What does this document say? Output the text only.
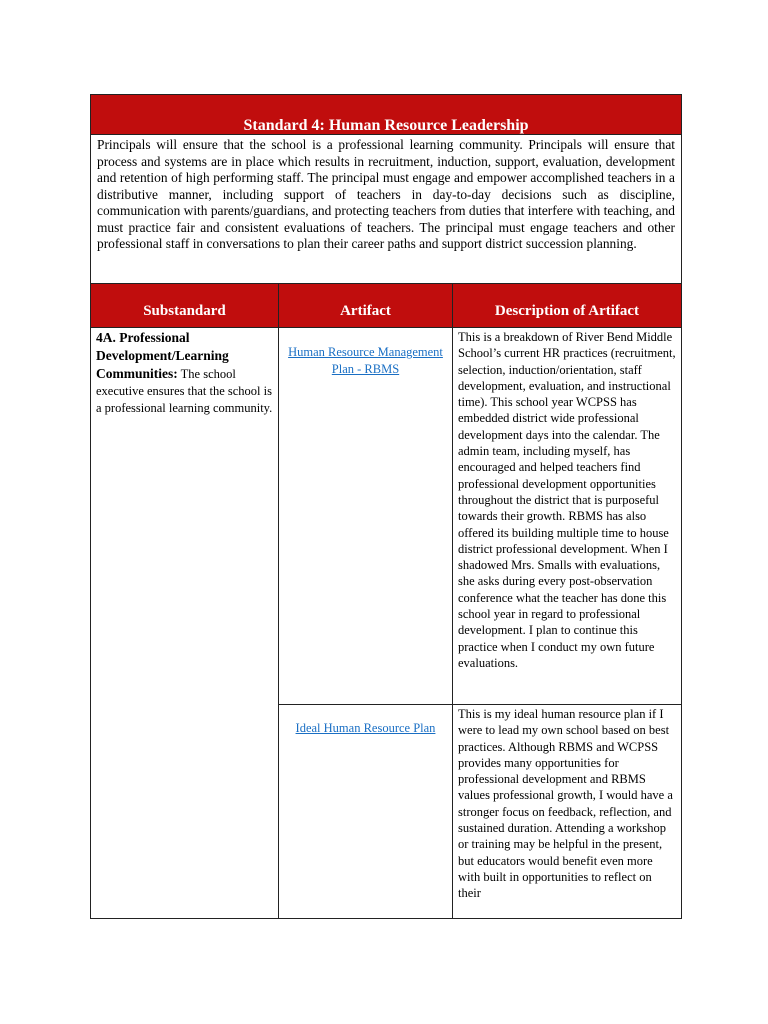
Standard 4: Human Resource Leadership
Principals will ensure that the school is a professional learning community. Principals will ensure that process and systems are in place which results in recruitment, induction, support, evaluation, development and retention of high performing staff. The principal must engage and empower accomplished teachers in a distributive manner, including support of teachers in day-to-day decisions such as discipline, communication with parents/guardians, and protecting teachers from duties that interfere with teaching, and must practice fair and consistent evaluations of teachers. The principal must engage teachers and other professional staff in conversations to plan their career paths and support district succession planning.
Substandard	Artifact	Description of Artifact
4A. Professional Development/Learning Communities: The school executive ensures that the school is a professional learning community.
Human Resource Management Plan - RBMS
This is a breakdown of River Bend Middle School’s current HR practices (recruitment, selection, induction/orientation, staff development, evaluation, and instructional time). This school year WCPSS has embedded district wide professional development days into the calendar. The admin team, including myself, has encouraged and helped teachers find professional development opportunities throughout the district that is purposeful towards their growth. RBMS has also offered its building multiple time to house district professional development. When I shadowed Mrs. Smalls with evaluations, she asks during every post-observation conference what the teacher has done this school year in regard to professional development. I plan to continue this practice when I conduct my own future evaluations.
Ideal Human Resource Plan
This is my ideal human resource plan if I were to lead my own school based on best practices. Although RBMS and WCPSS provides many opportunities for professional development and RBMS values professional growth, I would have a stronger focus on feedback, reflection, and sustained duration. Attending a workshop or training may be helpful in the present, but educators would benefit even more with built in opportunities to reflect on their
